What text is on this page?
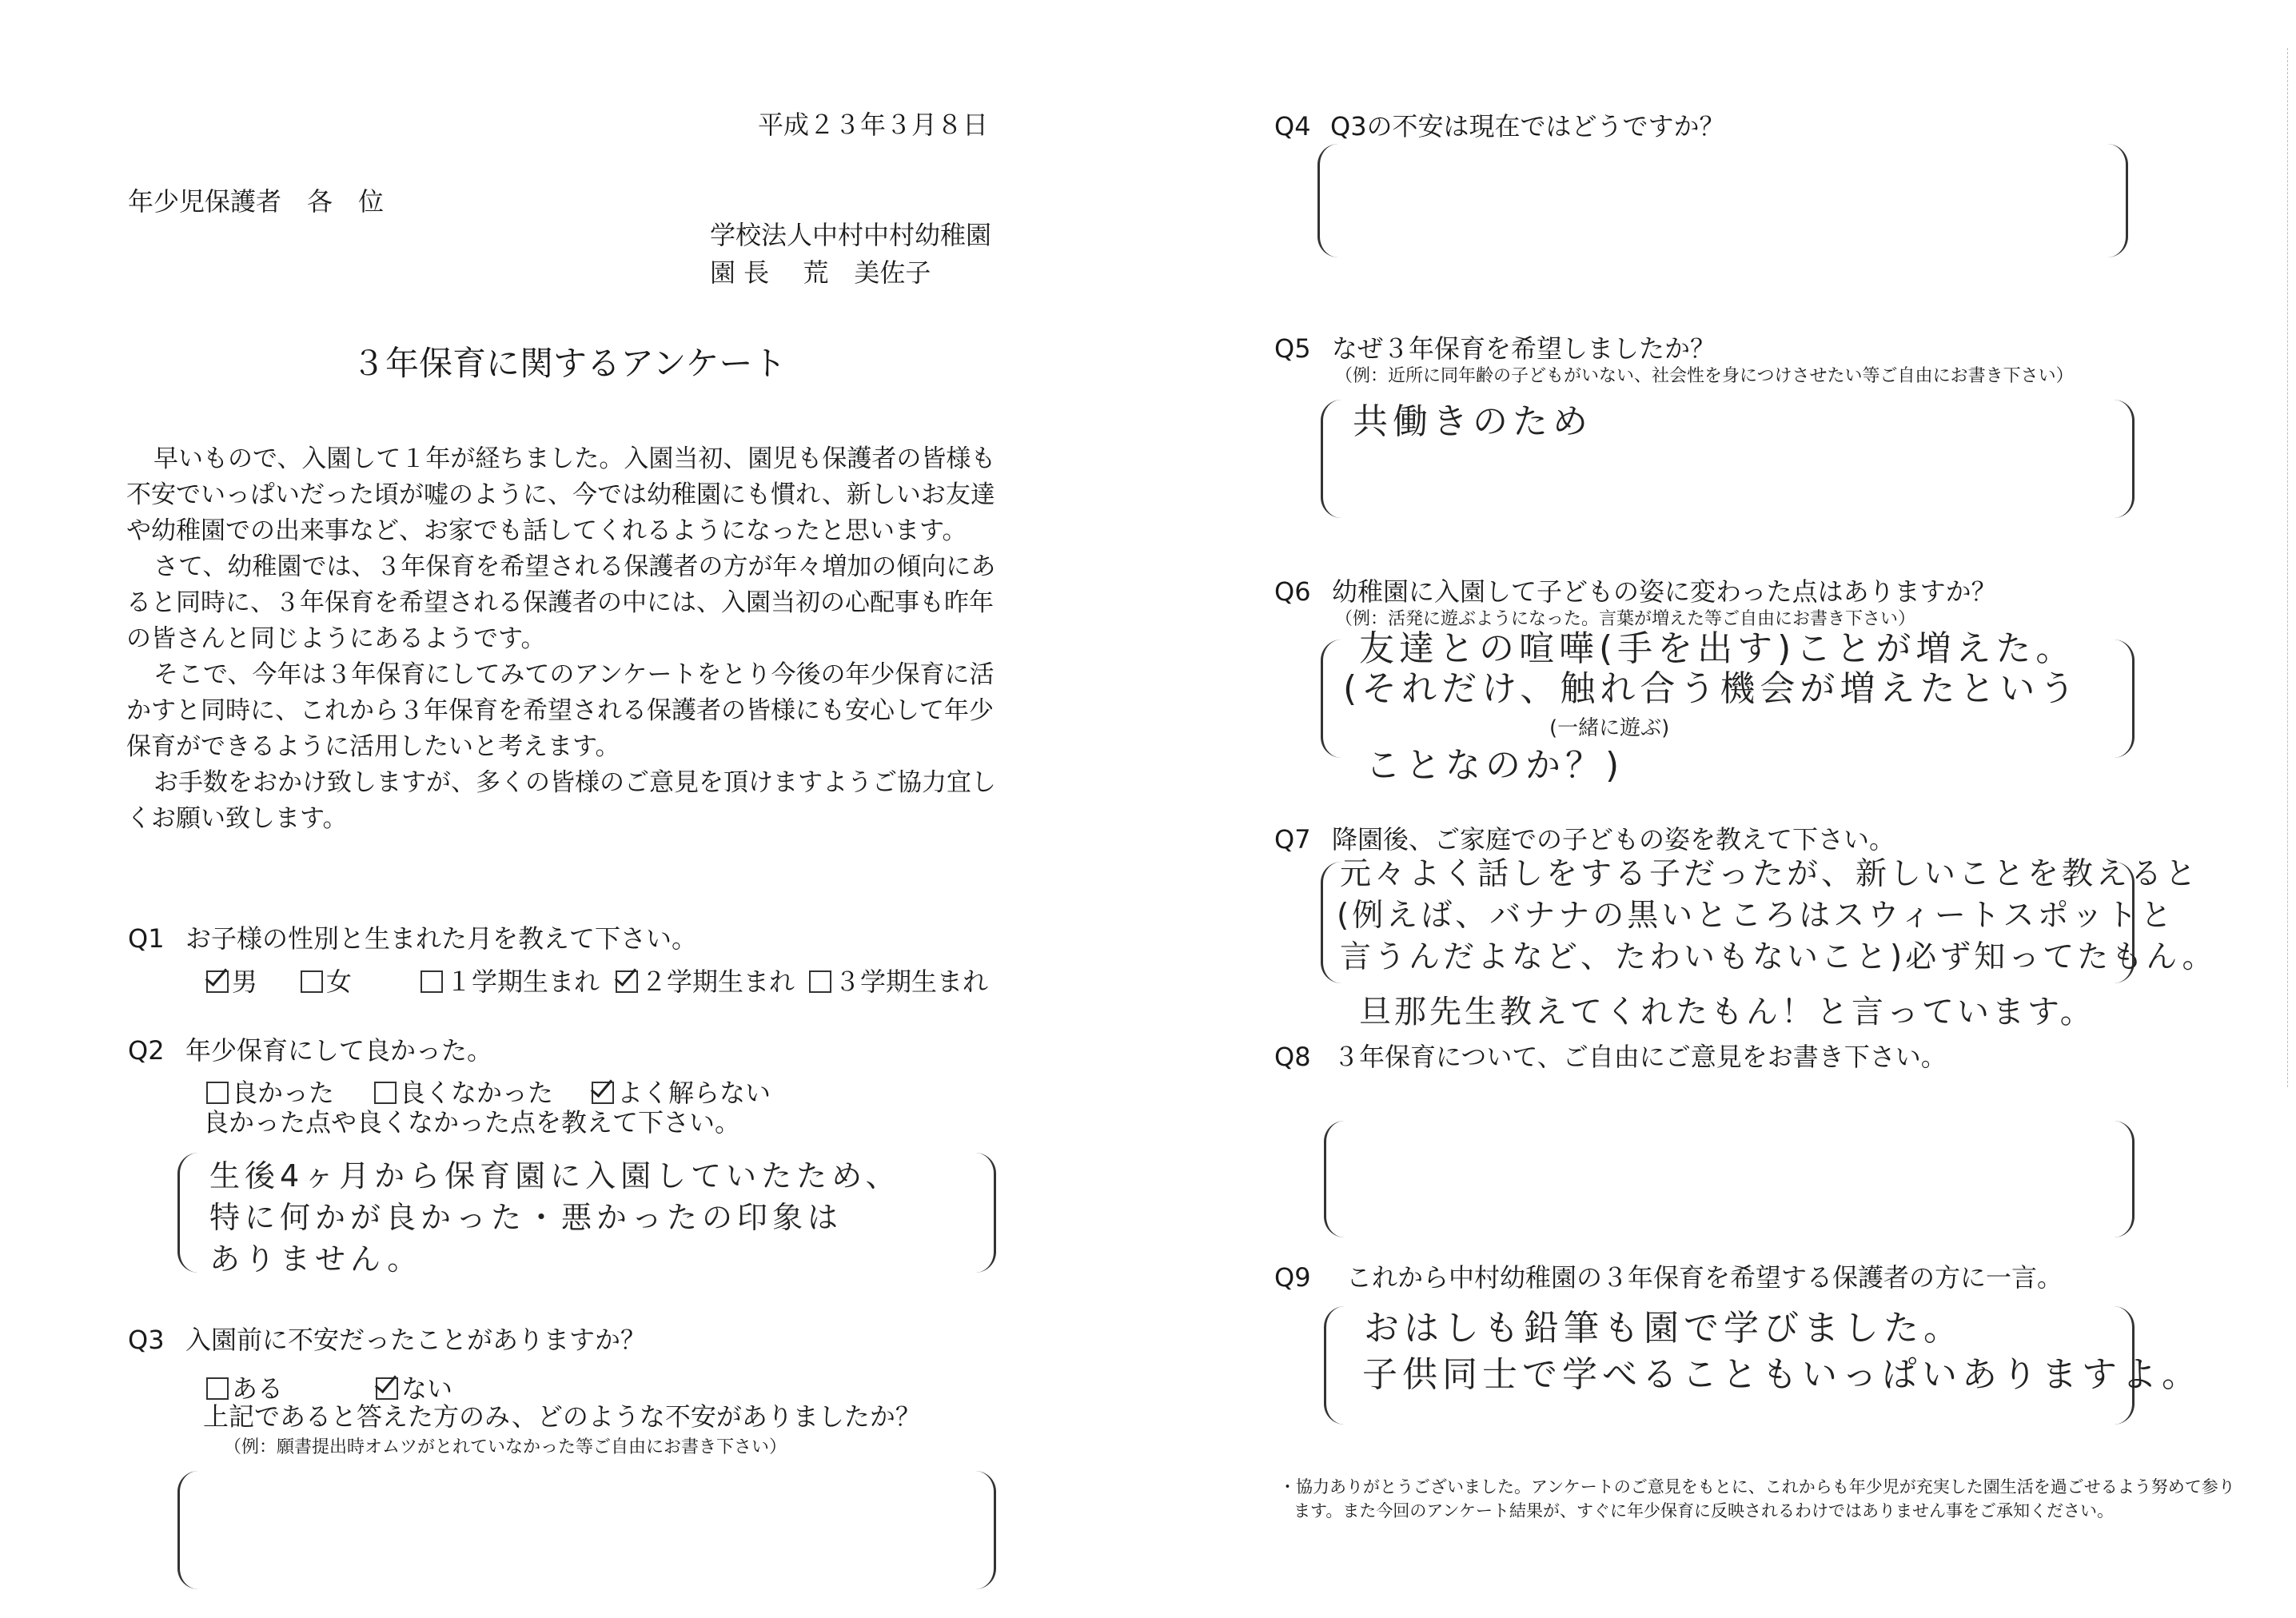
平成２３年３月８日
年少児保護者　各　位
学校法人中村中村幼稚園
園 長　 荒　美佐子
３年保育に関するアンケート
早いもので、入園して１年が経ちました。入園当初、園児も保護者の皆様も不安でいっぱいだった頃が嘘のように、今では幼稚園にも慣れ、新しいお友達や幼稚園での出来事など、お家でも話してくれるようになったと思います。
さて、幼稚園では、３年保育を希望される保護者の方が年々増加の傾向にあると同時に、３年保育を希望される保護者の中には、入園当初の心配事も昨年の皆さんと同じようにあるようです。
そこで、今年は３年保育にしてみてのアンケートをとり今後の年少保育に活かすと同時に、これから３年保育を希望される保護者の皆様にも安心して年少保育ができるように活用したいと考えます。
お手数をおかけ致しますが、多くの皆様のご意見を頂けますようご協力宜しくお願い致します。
Q1 お子様の性別と生まれた月を教えて下さい。
男	女	１学期生まれ	２学期生まれ	３学期生まれ
Q2 年少保育にして良かった。
良かった	良くなかった	よく解らない
良かった点や良くなかった点を教えて下さい。
生後4ヶ月から保育園に入園していたため、
特に何かが良かった・悪かったの印象は
ありません。
Q3 入園前に不安だったことがありますか？
ある	ない
上記であると答えた方のみ、どのような不安がありましたか？
（例：願書提出時オムツがとれていなかった等ご自由にお書き下さい）
Q4 Q3の不安は現在ではどうですか？
Q5 なぜ３年保育を希望しましたか？
（例：近所に同年齢の子どもがいない、社会性を身につけさせたい等ご自由にお書き下さい）
共働きのため
Q6 幼稚園に入園して子どもの姿に変わった点はありますか？
（例：活発に遊ぶようになった。言葉が増えた等ご自由にお書き下さい）
友達との喧嘩(手を出す)ことが増えた。
(それだけ、触れ合う機会が増えたという
(一緒に遊ぶ)
ことなのか？)
Q7 降園後、ご家庭での子どもの姿を教えて下さい。
元々よく話しをする子だったが、新しいことを教えると
(例えば、バナナの黒いところはスウィートスポットと
言うんだよなど、たわいもないこと)必ず知ってたもん。
旦那先生教えてくれたもん！と言っています。
Q8 ３年保育について、ご自由にご意見をお書き下さい。
Q9 これから中村幼稚園の３年保育を希望する保護者の方に一言。
おはしも鉛筆も園で学びました。
子供同士で学べることもいっぱいありますよ。
・協力ありがとうございました。アンケートのご意見をもとに、これからも年少児が充実した園生活を過ごせるよう努めて参り
ます。また今回のアンケート結果が、すぐに年少保育に反映されるわけではありません事をご承知ください。
